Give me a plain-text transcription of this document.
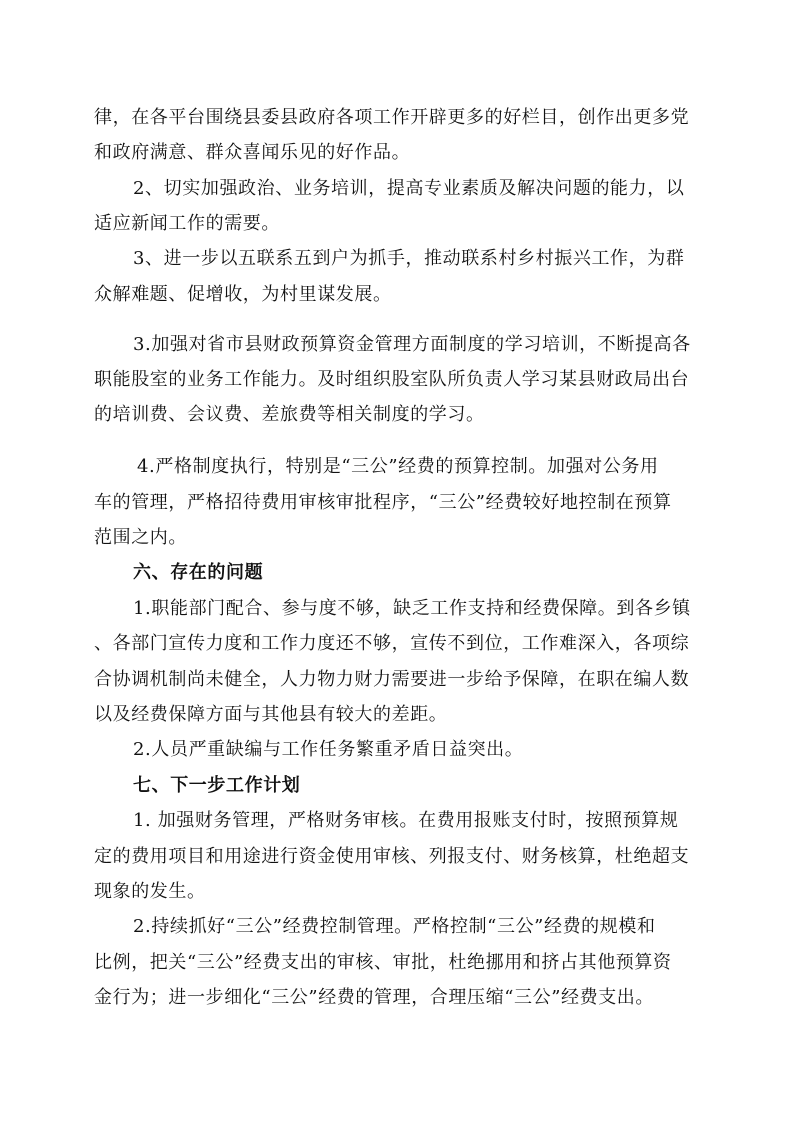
律，在各平台围绕县委县政府各项工作开辟更多的好栏目，创作出更多党
和政府满意、群众喜闻乐见的好作品。
2、切实加强政治、业务培训，提高专业素质及解决问题的能力，以
适应新闻工作的需要。
3、进一步以五联系五到户为抓手，推动联系村乡村振兴工作，为群
众解难题、促增收，为村里谋发展。
3.加强对省市县财政预算资金管理方面制度的学习培训，不断提高各
职能股室的业务工作能力。及时组织股室队所负责人学习某县财政局出台
的培训费、会议费、差旅费等相关制度的学习。
4.严格制度执行，特别是“三公”经费的预算控制。加强对公务用
车的管理，严格招待费用审核审批程序，“三公”经费较好地控制在预算
范围之内。
六、存在的问题
1.职能部门配合、参与度不够，缺乏工作支持和经费保障。到各乡镇
、各部门宣传力度和工作力度还不够，宣传不到位，工作难深入，各项综
合协调机制尚未健全，人力物力财力需要进一步给予保障，在职在编人数
以及经费保障方面与其他县有较大的差距。
2.人员严重缺编与工作任务繁重矛盾日益突出。
七、下一步工作计划
1. 加强财务管理，严格财务审核。在费用报账支付时，按照预算规
定的费用项目和用途进行资金使用审核、列报支付、财务核算，杜绝超支
现象的发生。
2.持续抓好“三公”经费控制管理。严格控制“三公”经费的规模和
比例，把关“三公”经费支出的审核、审批，杜绝挪用和挤占其他预算资
金行为；进一步细化“三公”经费的管理，合理压缩“三公”经费支出。
